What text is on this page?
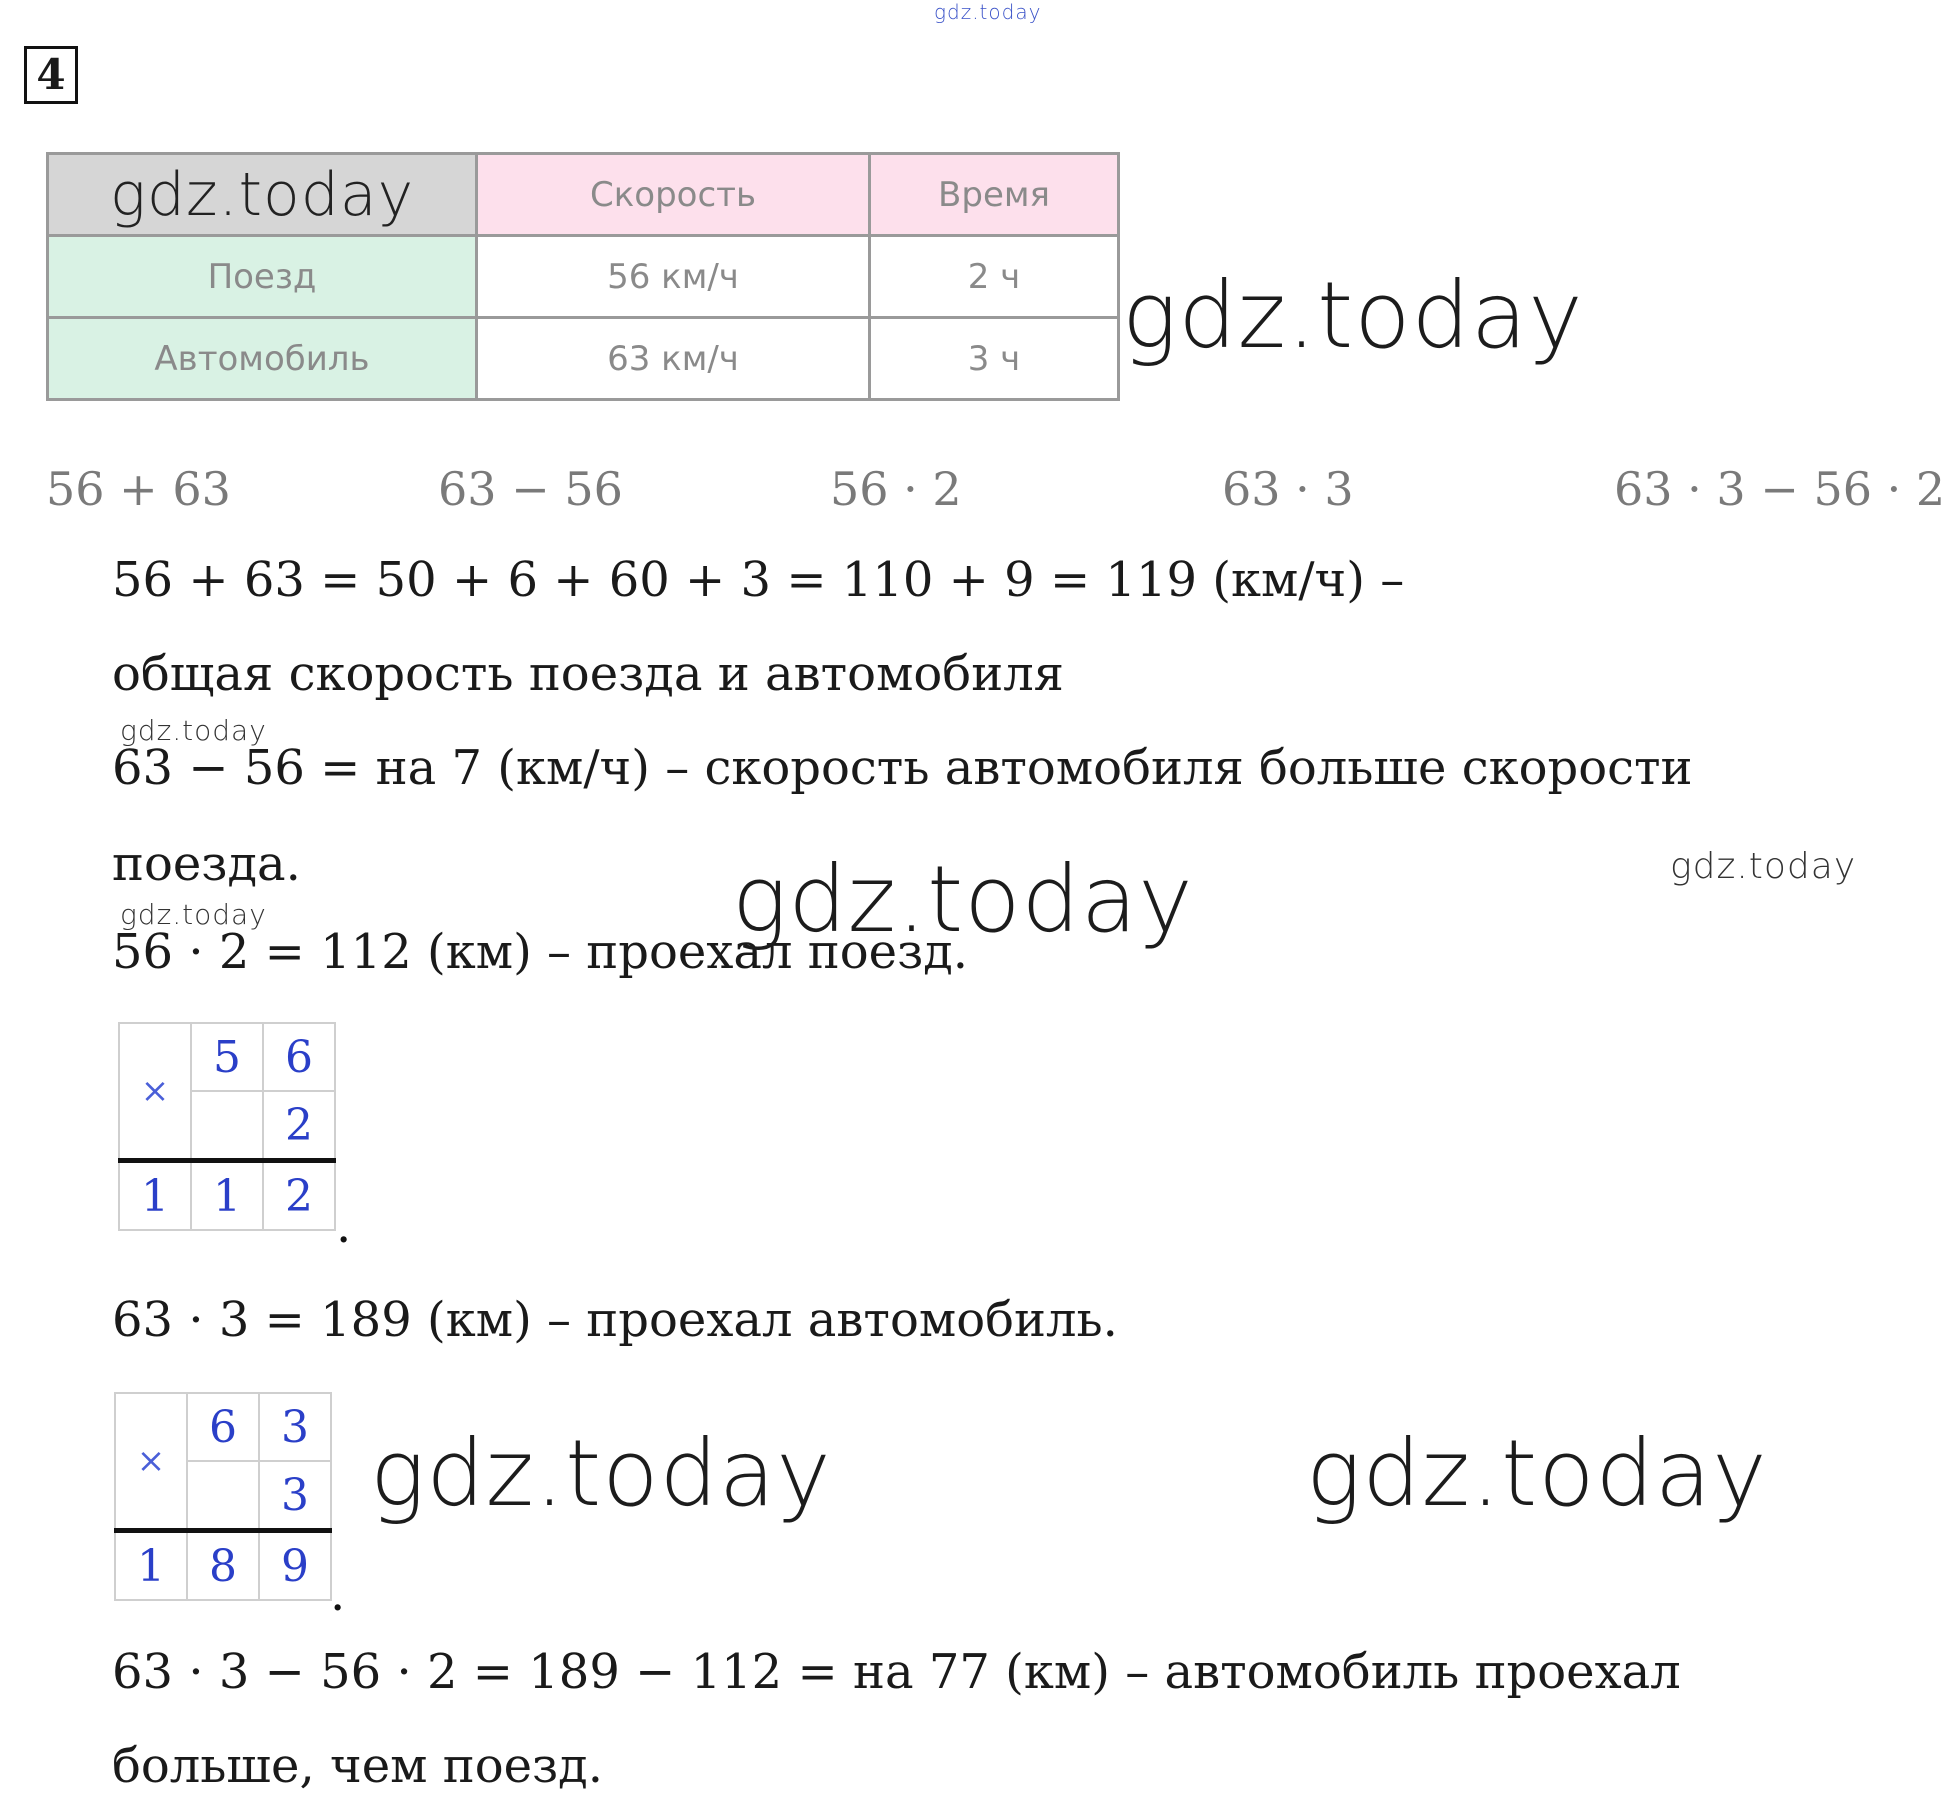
gdz.today
4
gdz.today	Скорость	Время
Поезд	56 км/ч	2 ч
Автомобиль	63 км/ч	3 ч gdz.today
56 + 63	63 − 56	56 · 2	63 · 3	63 · 3 − 56 · 2
56 + 63 = 50 + 6 + 60 + 3 = 110 + 9 = 119 (км/ч) –
общая скорость поезда и автомобиля
gdz.today
63 − 56 = на 7 (км/ч) – скорость автомобиля больше скорости
поезда.	gdz.today
gdz.today
56 · 2 = 112 (км) – проехал поезд.
gdz.today
×	5	6
		2
1	1	2
.
63 · 3 = 189 (км) – проехал автомобиль.
×	6	3
		3
1	8	9 .
gdz.today	gdz.today
63 · 3 − 56 · 2 = 189 − 112 = на 77 (км) – автомобиль проехал
больше, чем поезд.
